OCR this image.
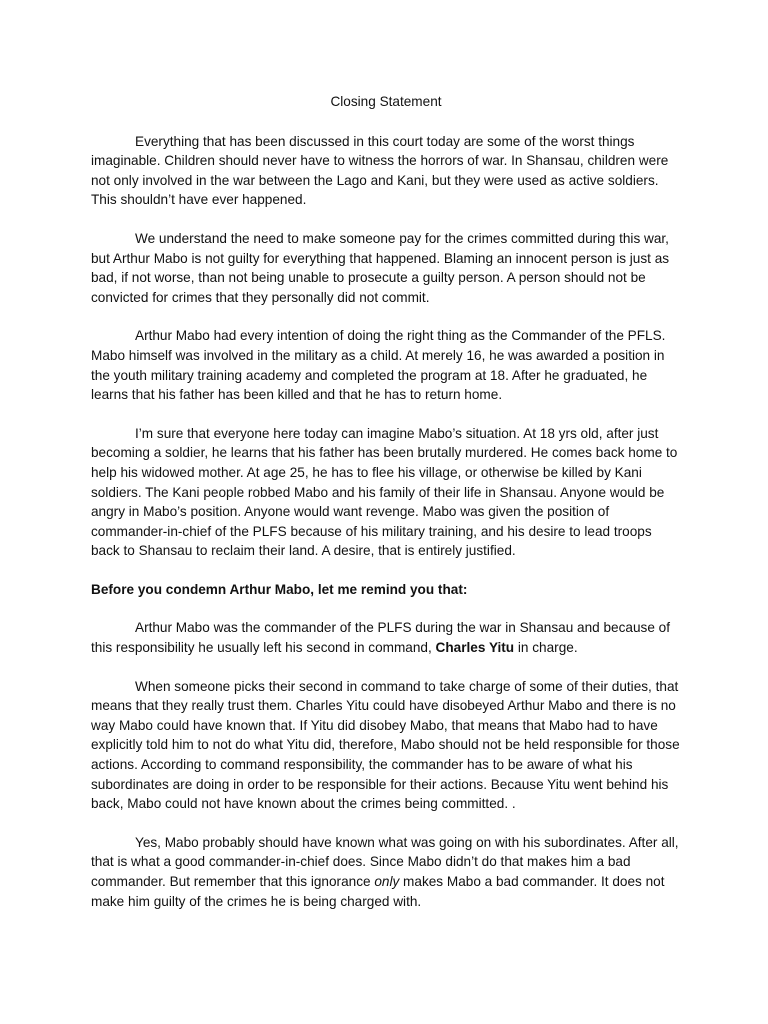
Closing Statement

Everything that has been discussed in this court today are some of the worst things imaginable. Children should never have to witness the horrors of war. In Shansau, children were not only involved in the war between the Lago and Kani, but they were used as active soldiers. This shouldn’t have ever happened.

We understand the need to make someone pay for the crimes committed during this war, but Arthur Mabo is not guilty for everything that happened. Blaming an innocent person is just as bad, if not worse, than not being unable to prosecute a guilty person. A person should not be convicted for crimes that they personally did not commit.

Arthur Mabo had every intention of doing the right thing as the Commander of the PFLS. Mabo himself was involved in the military as a child. At merely 16, he was awarded a position in the youth military training academy and completed the program at 18. After he graduated, he learns that his father has been killed and that he has to return home.

I’m sure that everyone here today can imagine Mabo’s situation. At 18 yrs old, after just becoming a soldier, he learns that his father has been brutally murdered. He comes back home to help his widowed mother. At age 25, he has to flee his village, or otherwise be killed by Kani soldiers. The Kani people robbed Mabo and his family of their life in Shansau. Anyone would be angry in Mabo’s position. Anyone would want revenge. Mabo was given the position of commander-in-chief of the PLFS because of his military training, and his desire to lead troops back to Shansau to reclaim their land. A desire, that is entirely justified.

Before you condemn Arthur Mabo, let me remind you that:

Arthur Mabo was the commander of the PLFS during the war in Shansau and because of this responsibility he usually left his second in command, Charles Yitu in charge.

When someone picks their second in command to take charge of some of their duties, that means that they really trust them. Charles Yitu could have disobeyed Arthur Mabo and there is no way Mabo could have known that. If Yitu did disobey Mabo, that means that Mabo had to have explicitly told him to not do what Yitu did, therefore, Mabo should not be held responsible for those actions. According to command responsibility, the commander has to be aware of what his subordinates are doing in order to be responsible for their actions. Because Yitu went behind his back, Mabo could not have known about the crimes being committed. .

Yes, Mabo probably should have known what was going on with his subordinates. After all, that is what a good commander-in-chief does. Since Mabo didn’t do that makes him a bad commander. But remember that this ignorance only makes Mabo a bad commander. It does not make him guilty of the crimes he is being charged with.
